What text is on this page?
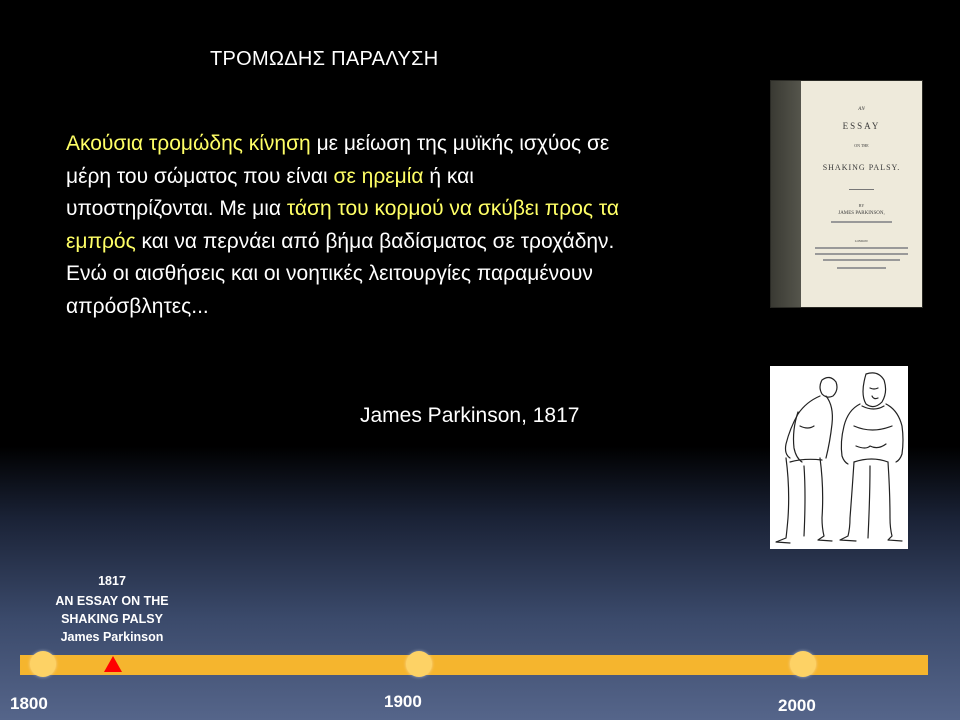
ΤΡΟΜΩΔΗΣ ΠΑΡΑΛΥΣΗ
Ακούσια τρομώδης κίνηση με μείωση της μυϊκής ισχύος σε μέρη του σώματος που είναι σε ηρεμία ή και υποστηρίζονται. Με μια τάση του κορμού να σκύβει προς τα εμπρός και να περνάει από βήμα βαδίσματος σε τροχάδην. Ενώ οι αισθήσεις και οι νοητικές λειτουργίες παραμένουν απρόσβλητες...
James Parkinson, 1817
AN
ESSAY
ON THE
SHAKING PALSY.
BY
JAMES PARKINSON,
LONDON:
1817
AN ESSAY ON THE
SHAKING PALSY
James Parkinson
1800	1900	2000
